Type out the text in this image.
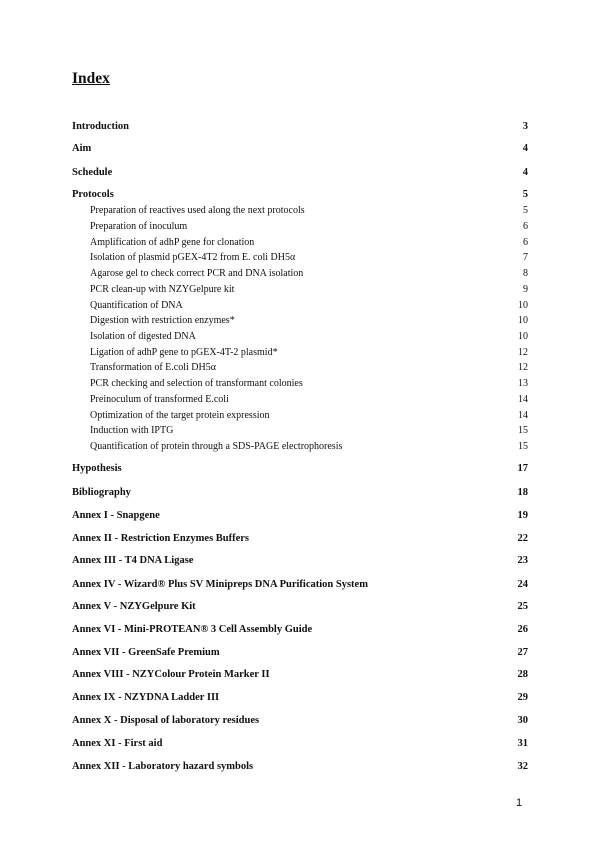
Index
Introduction	3
Aim	4
Schedule	4
Protocols	5
Preparation of reactives used along the next protocols	5
Preparation of inoculum	6
Amplification of adhP gene for clonation	6
Isolation of plasmid pGEX-4T2 from E. coli DH5α	7
Agarose gel to check correct PCR and DNA isolation	8
PCR clean-up with NZYGelpure kit	9
Quantification of DNA	10
Digestion with restriction enzymes*	10
Isolation of digested DNA	10
Ligation of adhP gene to pGEX-4T-2 plasmid*	12
Transformation of E.coli DH5α	12
PCR checking and selection of transformant colonies	13
Preinoculum of transformed E.coli	14
Optimization of the target protein expression	14
Induction with IPTG	15
Quantification of protein through a SDS-PAGE electrophoresis	15
Hypothesis	17
Bibliography	18
Annex I - Snapgene	19
Annex II - Restriction Enzymes Buffers	22
Annex III - T4 DNA Ligase	23
Annex IV - Wizard® Plus SV Minipreps DNA Purification System	24
Annex V - NZYGelpure Kit	25
Annex VI - Mini-PROTEAN® 3 Cell Assembly Guide	26
Annex VII - GreenSafe Premium	27
Annex VIII - NZYColour Protein Marker II	28
Annex IX - NZYDNA Ladder III	29
Annex X - Disposal of laboratory residues	30
Annex XI - First aid	31
Annex XII - Laboratory hazard symbols	32
1
